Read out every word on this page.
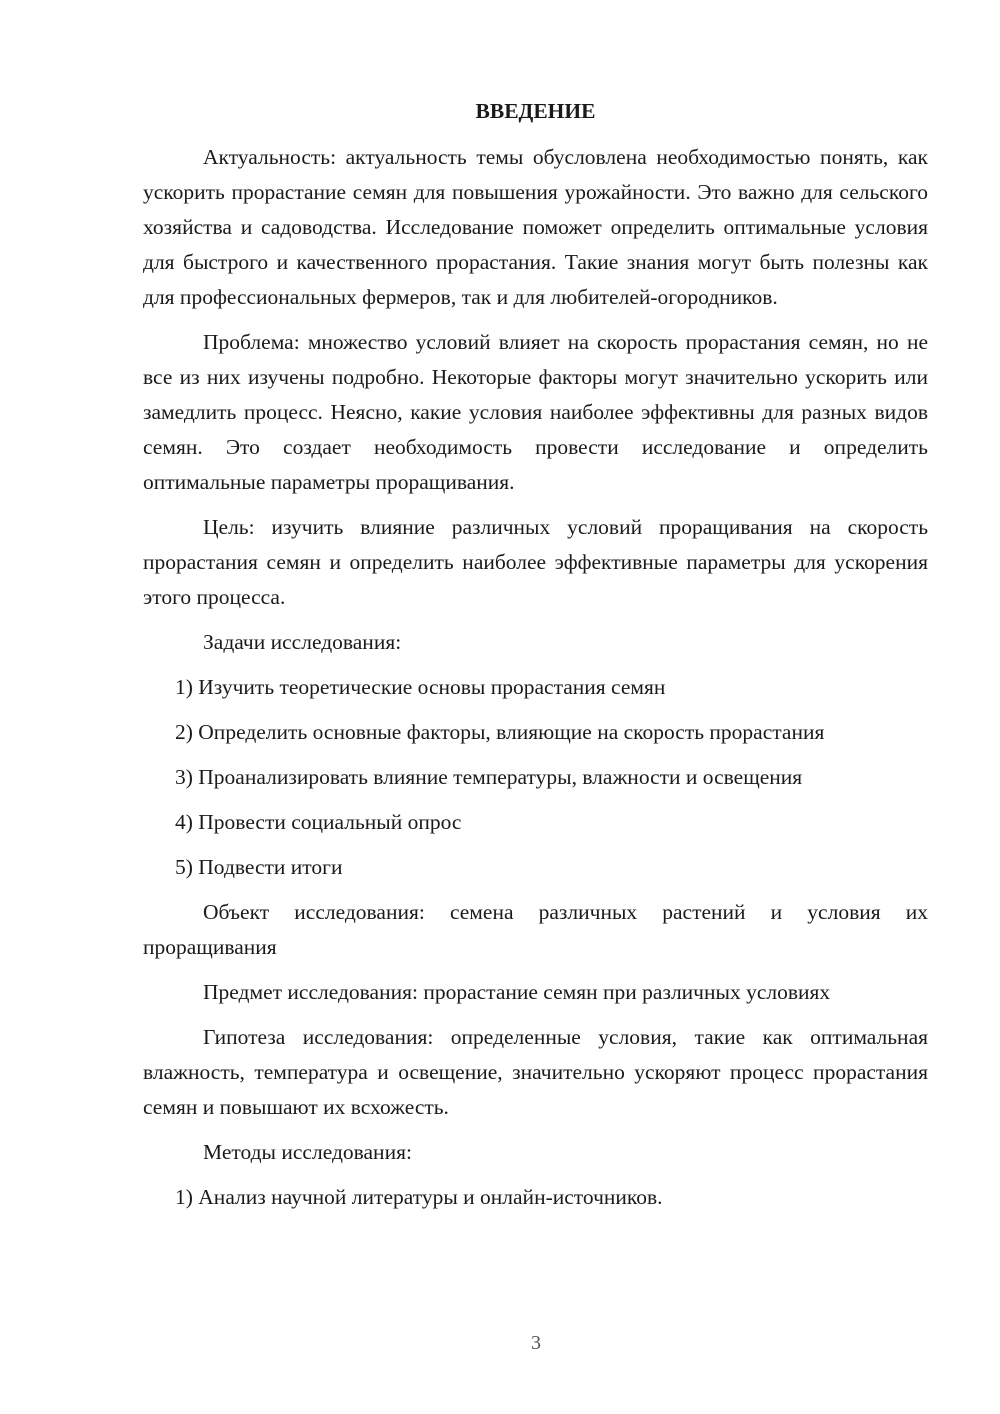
ВВЕДЕНИЕ

Актуальность: актуальность темы обусловлена необходимостью понять, как ускорить прорастание семян для повышения урожайности. Это важно для сельского хозяйства и садоводства. Исследование поможет определить оптимальные условия для быстрого и качественного прорастания. Такие знания могут быть полезны как для профессиональных фермеров, так и для любителей-огородников.

Проблема: множество условий влияет на скорость прорастания семян, но не все из них изучены подробно. Некоторые факторы могут значительно ускорить или замедлить процесс. Неясно, какие условия наиболее эффективны для разных видов семян. Это создает необходимость провести исследование и определить оптимальные параметры проращивания.

Цель: изучить влияние различных условий проращивания на скорость прорастания семян и определить наиболее эффективные параметры для ускорения этого процесса.

Задачи исследования:

1) Изучить теоретические основы прорастания семян

2) Определить основные факторы, влияющие на скорость прорастания

3) Проанализировать влияние температуры, влажности и освещения

4) Провести социальный опрос

5) Подвести итоги

Объект исследования: семена различных растений и условия их проращивания

Предмет исследования: прорастание семян при различных условиях

Гипотеза исследования: определенные условия, такие как оптимальная влажность, температура и освещение, значительно ускоряют процесс прорастания семян и повышают их всхожесть.

Методы исследования:

1) Анализ научной литературы и онлайн-источников.

3
